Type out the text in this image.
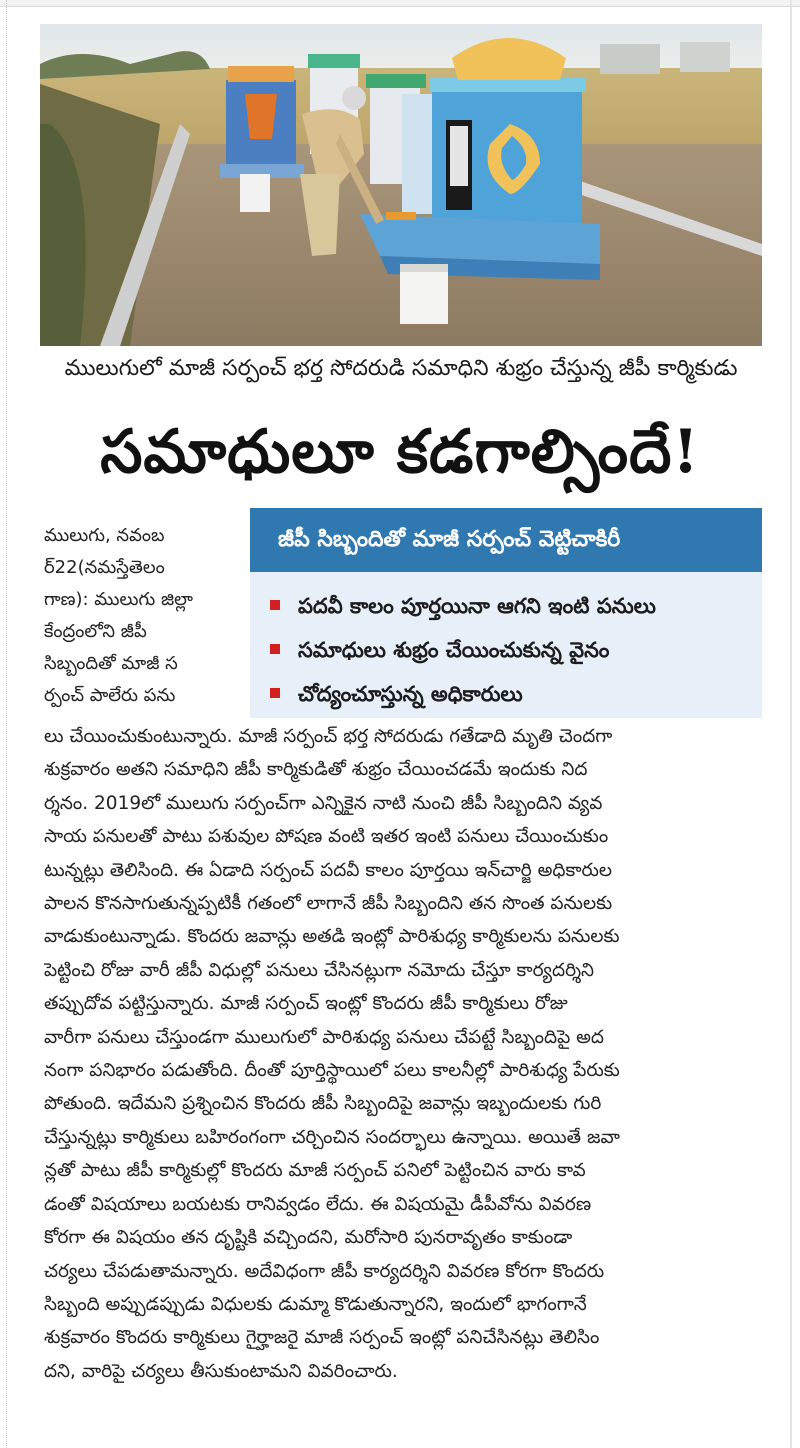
ములుగులో మాజీ సర్పంచ్ భర్త సోదరుడి సమాధిని శుభ్రం చేస్తున్న జీపీ కార్మికుడు
సమాధులూ కడగాల్సిందే!
ములుగు, నవంబ
ర్22(నమస్తేతెలం
గాణ): ములుగు జిల్లా
కేంద్రంలోని జీపీ
సిబ్బందితో మాజీ స
ర్పంచ్ పాలేరు పను
జీపీ సిబ్బందితో మాజీ సర్పంచ్ వెట్టిచాకిరీ
పదవీ కాలం పూర్తయినా ఆగని ఇంటి పనులు
సమాధులు శుభ్రం చేయించుకున్న వైనం
చోద్యంచూస్తున్న అధికారులు
లు చేయించుకుంటున్నారు. మాజీ సర్పంచ్ భర్త సోదరుడు గతేడాది మృతి చెందగా
శుక్రవారం అతని సమాధిని జీపీ కార్మికుడితో శుభ్రం చేయించడమే ఇందుకు నిద
ర్శనం. 2019లో ములుగు సర్పంచ్‌గా ఎన్నికైన నాటి నుంచి జీపీ సిబ్బందిని వ్యవ
సాయ పనులతో పాటు పశువుల పోషణ వంటి ఇతర ఇంటి పనులు చేయించుకుం
టున్నట్లు తెలిసింది. ఈ ఏడాది సర్పంచ్ పదవీ కాలం పూర్తయి ఇన్‌చార్జి అధికారుల
పాలన కొనసాగుతున్నప్పటికీ గతంలో లాగానే జీపీ సిబ్బందిని తన సొంత పనులకు
వాడుకుంటున్నాడు. కొందరు జవాన్లు అతడి ఇంట్లో పారిశుధ్య కార్మికులను పనులకు
పెట్టించి రోజు వారీ జీపీ విధుల్లో పనులు చేసినట్లుగా నమోదు చేస్తూ కార్యదర్శిని
తప్పుదోవ పట్టిస్తున్నారు. మాజీ సర్పంచ్ ఇంట్లో కొందరు జీపీ కార్మికులు రోజు
వారీగా పనులు చేస్తుండగా ములుగులో పారిశుధ్య పనులు చేపట్టే సిబ్బందిపై అద
నంగా పనిభారం పడుతోంది. దీంతో పూర్తిస్థాయిలో పలు కాలనీల్లో పారిశుధ్య పేరుకు
పోతుంది. ఇదేమని ప్రశ్నించిన కొందరు జీపీ సిబ్బందిపై జవాన్లు ఇబ్బందులకు గురి
చేస్తున్నట్లు కార్మికులు బహిరంగంగా చర్చించిన సందర్భాలు ఉన్నాయి. అయితే జవా
న్లతో పాటు జీపీ కార్మికుల్లో కొందరు మాజీ సర్పంచ్ పనిలో పెట్టించిన వారు కావ
డంతో విషయాలు బయటకు రానివ్వడం లేదు. ఈ విషయమై డీపీవోను వివరణ
కోరగా ఈ విషయం తన దృష్టికి వచ్చిందని, మరోసారి పునరావృతం కాకుండా
చర్యలు చేపడుతామన్నారు. అదేవిధంగా జీపీ కార్యదర్శిని వివరణ కోరగా కొందరు
సిబ్బంది అప్పుడప్పుడు విధులకు డుమ్మా కొడుతున్నారని, ఇందులో భాగంగానే
శుక్రవారం కొందరు కార్మికులు గైర్హాజరై మాజీ సర్పంచ్ ఇంట్లో పనిచేసినట్లు తెలిసిం
దని, వారిపై చర్యలు తీసుకుంటామని వివరించారు.
